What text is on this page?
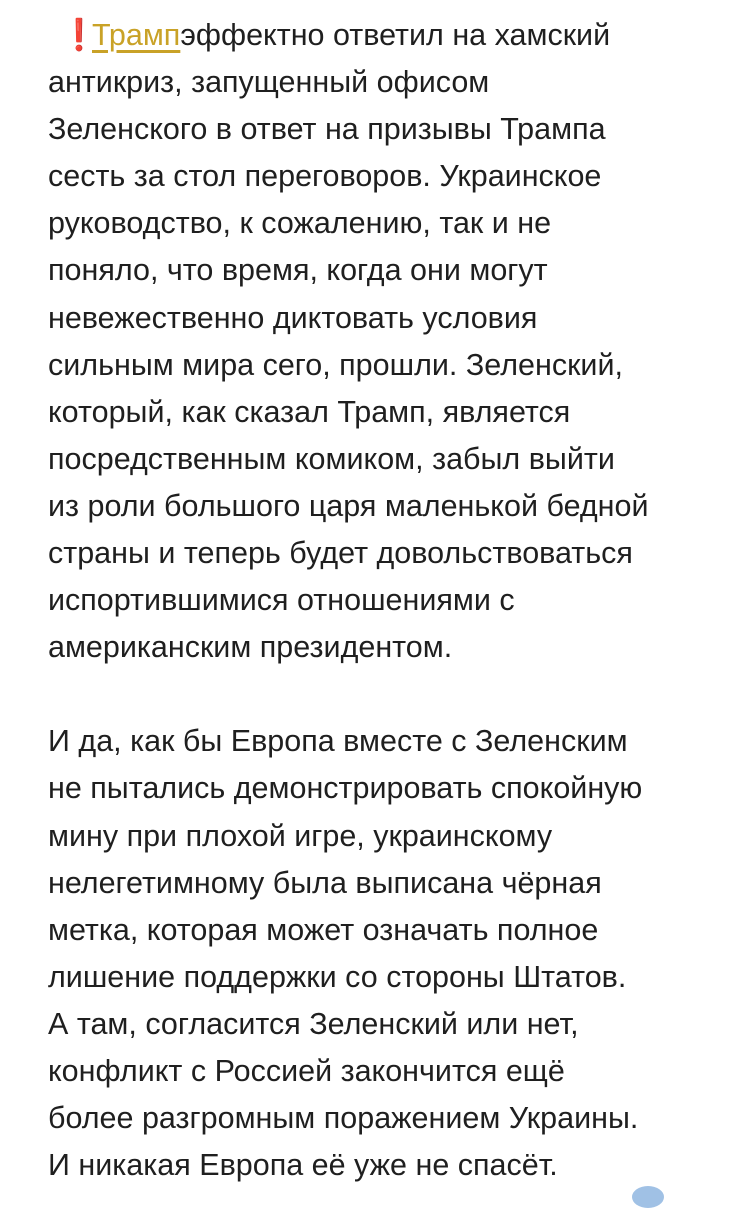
❗Трампэффектно ответил на хамский
антикриз, запущенный офисом
Зеленского в ответ на призывы Трампа
сесть за стол переговоров. Украинское
руководство, к сожалению, так и не
поняло, что время, когда они могут
невежественно диктовать условия
сильным мира сего, прошли. Зеленский,
который, как сказал Трамп, является
посредственным комиком, забыл выйти
из роли большого царя маленькой бедной
страны и теперь будет довольствоваться
испортившимися отношениями с
американским президентом.

И да, как бы Европа вместе с Зеленским
не пытались демонстрировать спокойную
мину при плохой игре, украинскому
нелегетимному была выписана чёрная
метка, которая может означать полное
лишение поддержки со стороны Штатов.
А там, согласится Зеленский или нет,
конфликт с Россией закончится ещё
более разгромным поражением Украины.
И никакая Европа её уже не спасёт.
